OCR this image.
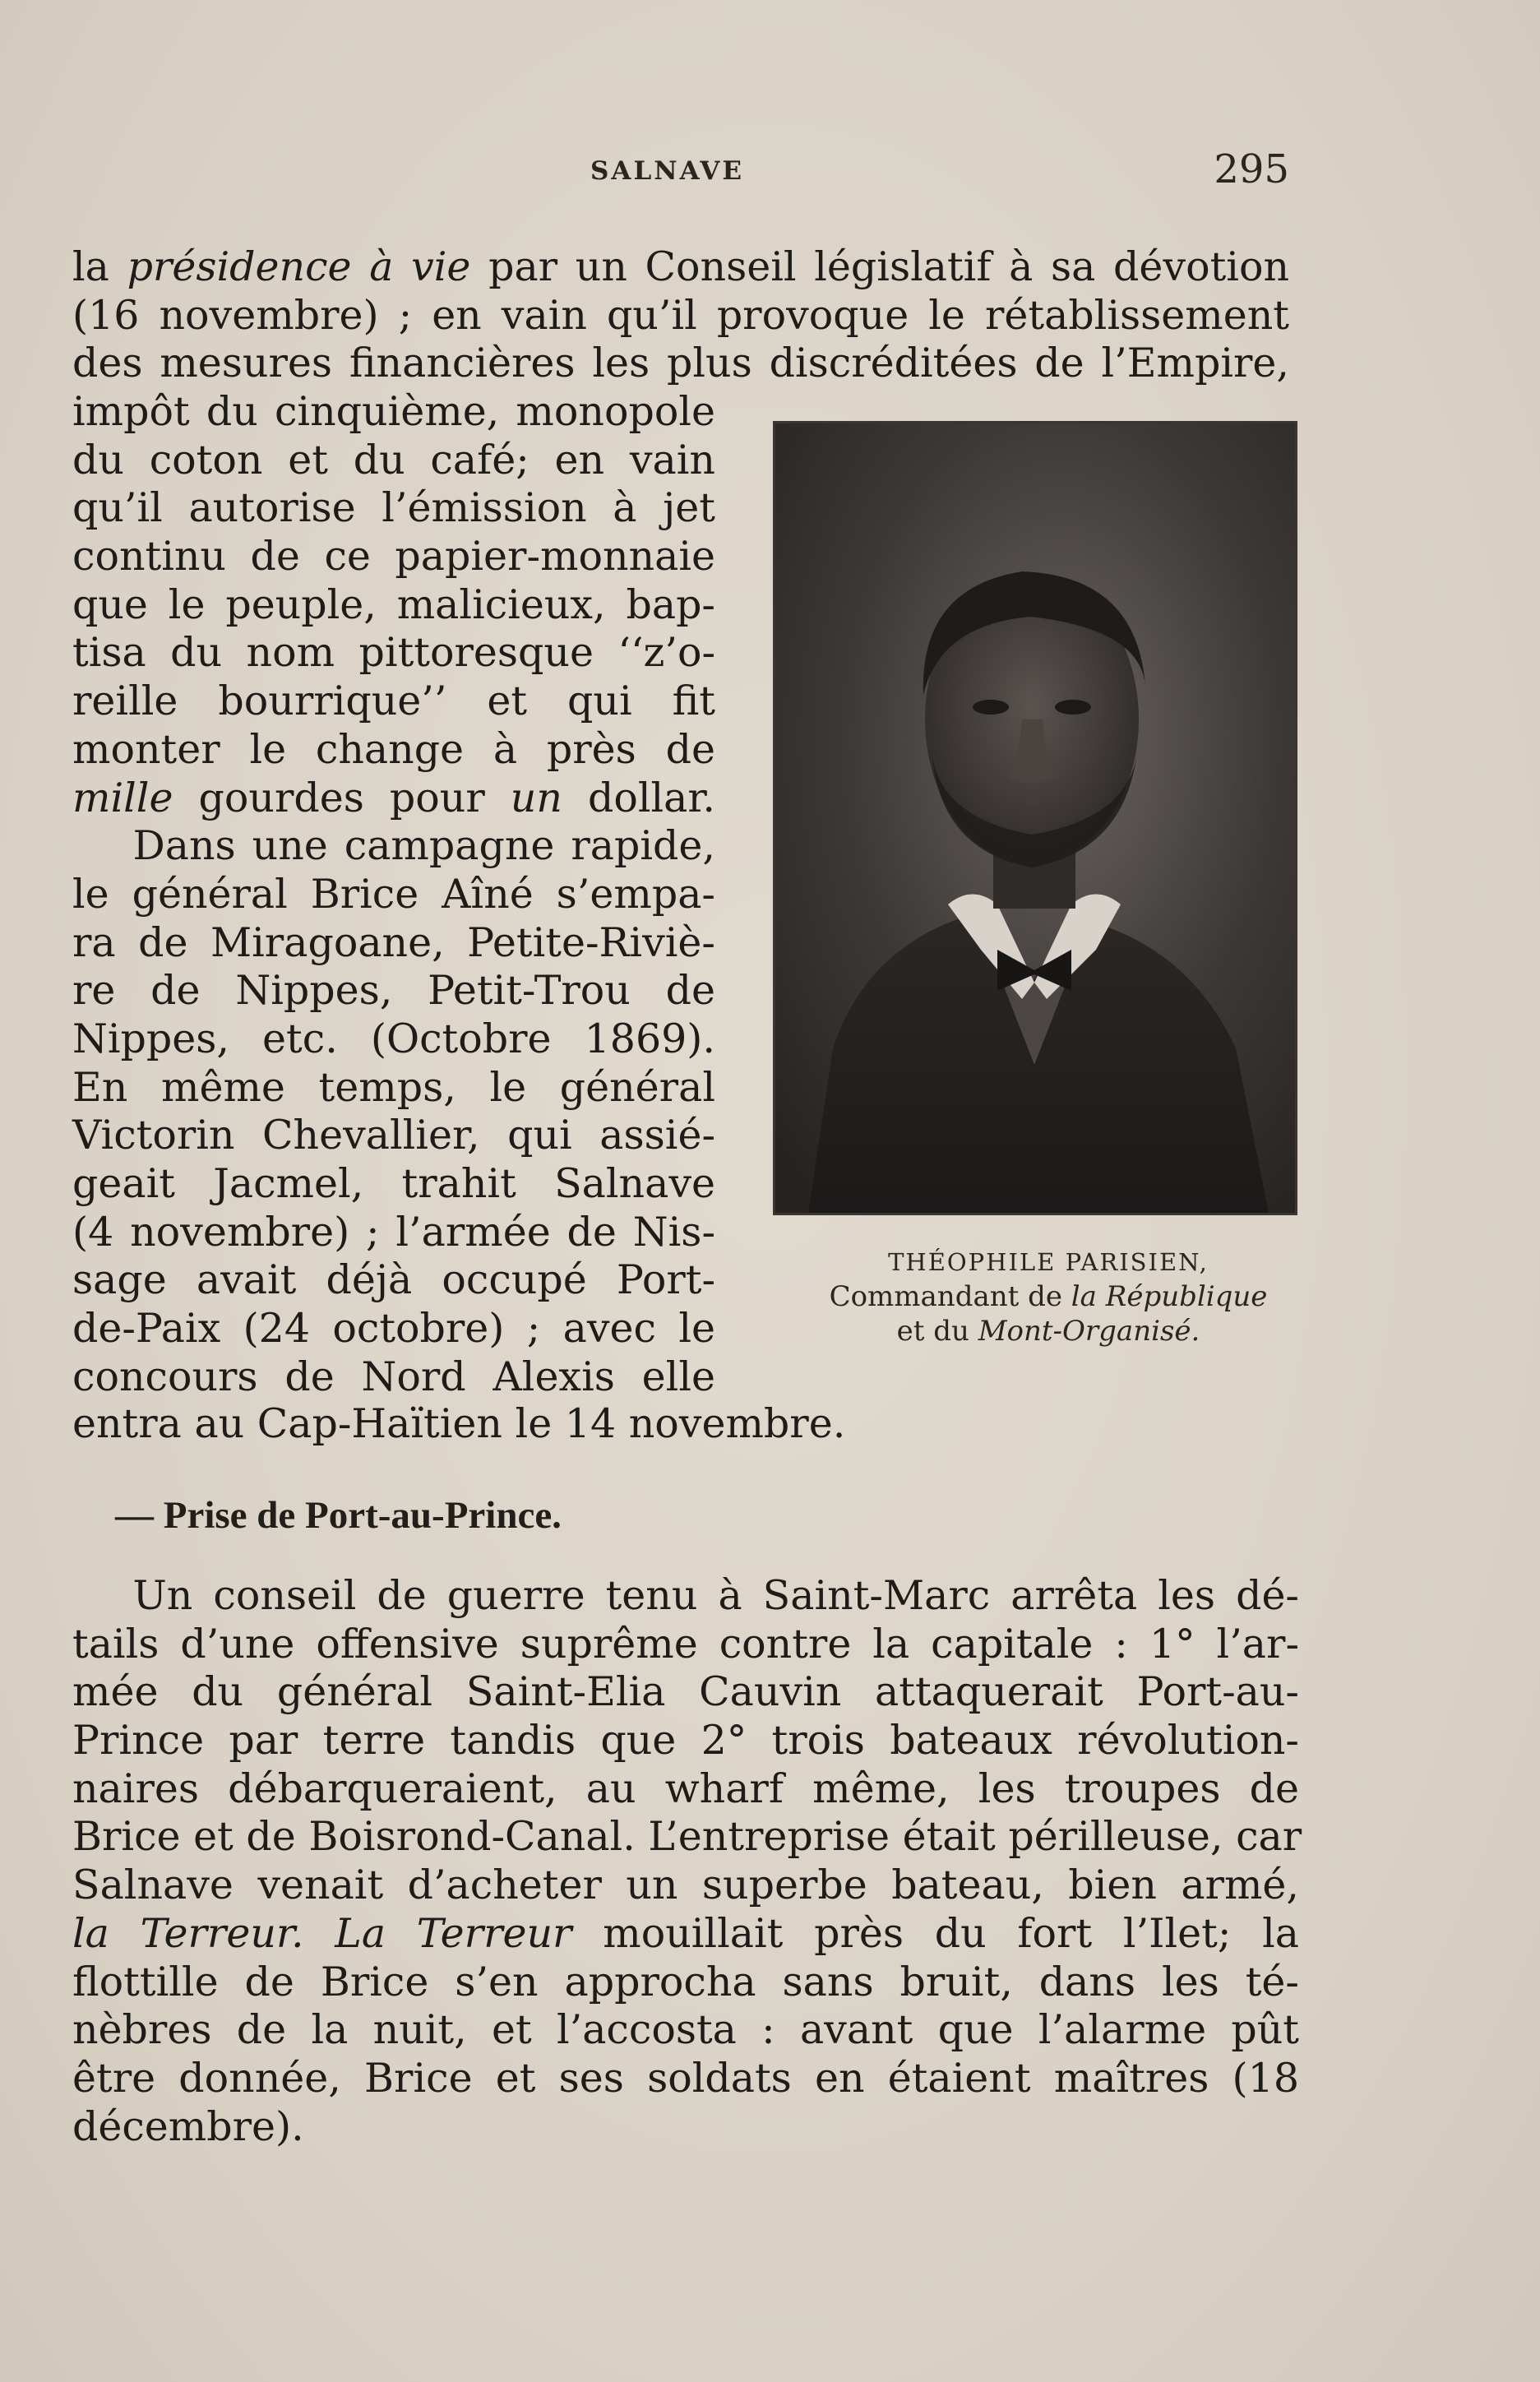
SALNAVE	295
la présidence à vie par un Conseil législatif à sa dévotion
(16 novembre) ; en vain qu’il provoque le rétablissement
des mesures financières les plus discréditées de l’Empire,
impôt du cinquième, monopole
du coton et du café; en vain
qu’il autorise l’émission à jet
continu de ce papier-monnaie
que le peuple, malicieux, bap-
tisa du nom pittoresque ‘‘z’o-
reille bourrique’’ et qui fit
monter le change à près de
mille gourdes pour un dollar.
  Dans une campagne rapide,
le général Brice Aîné s’empa-
ra de Miragoane, Petite-Riviè-
re de Nippes, Petit-Trou de
Nippes, etc. (Octobre 1869).
En même temps, le général
Victorin Chevallier, qui assié-
geait Jacmel, trahit Salnave
(4 novembre) ; l’armée de Nis-
sage avait déjà occupé Port-
de-Paix (24 octobre) ; avec le
concours de Nord Alexis elle
entra au Cap-Haïtien le 14 novembre.
THÉOPHILE PARISIEN,
Commandant de la République
et du Mont-Organisé.
— Prise de Port-au-Prince.
  Un conseil de guerre tenu à Saint-Marc arrêta les dé-
tails d’une offensive suprême contre la capitale : 1° l’ar-
mée du général Saint-Elia Cauvin attaquerait Port-au-
Prince par terre tandis que 2° trois bateaux révolution-
naires débarqueraient, au wharf même, les troupes de
Brice et de Boisrond-Canal. L’entreprise était périlleuse, car
Salnave venait d’acheter un superbe bateau, bien armé,
la Terreur. La Terreur mouillait près du fort l’Ilet; la
flottille de Brice s’en approcha sans bruit, dans les té-
nèbres de la nuit, et l’accosta : avant que l’alarme pût
être donnée, Brice et ses soldats en étaient maîtres (18
décembre).
